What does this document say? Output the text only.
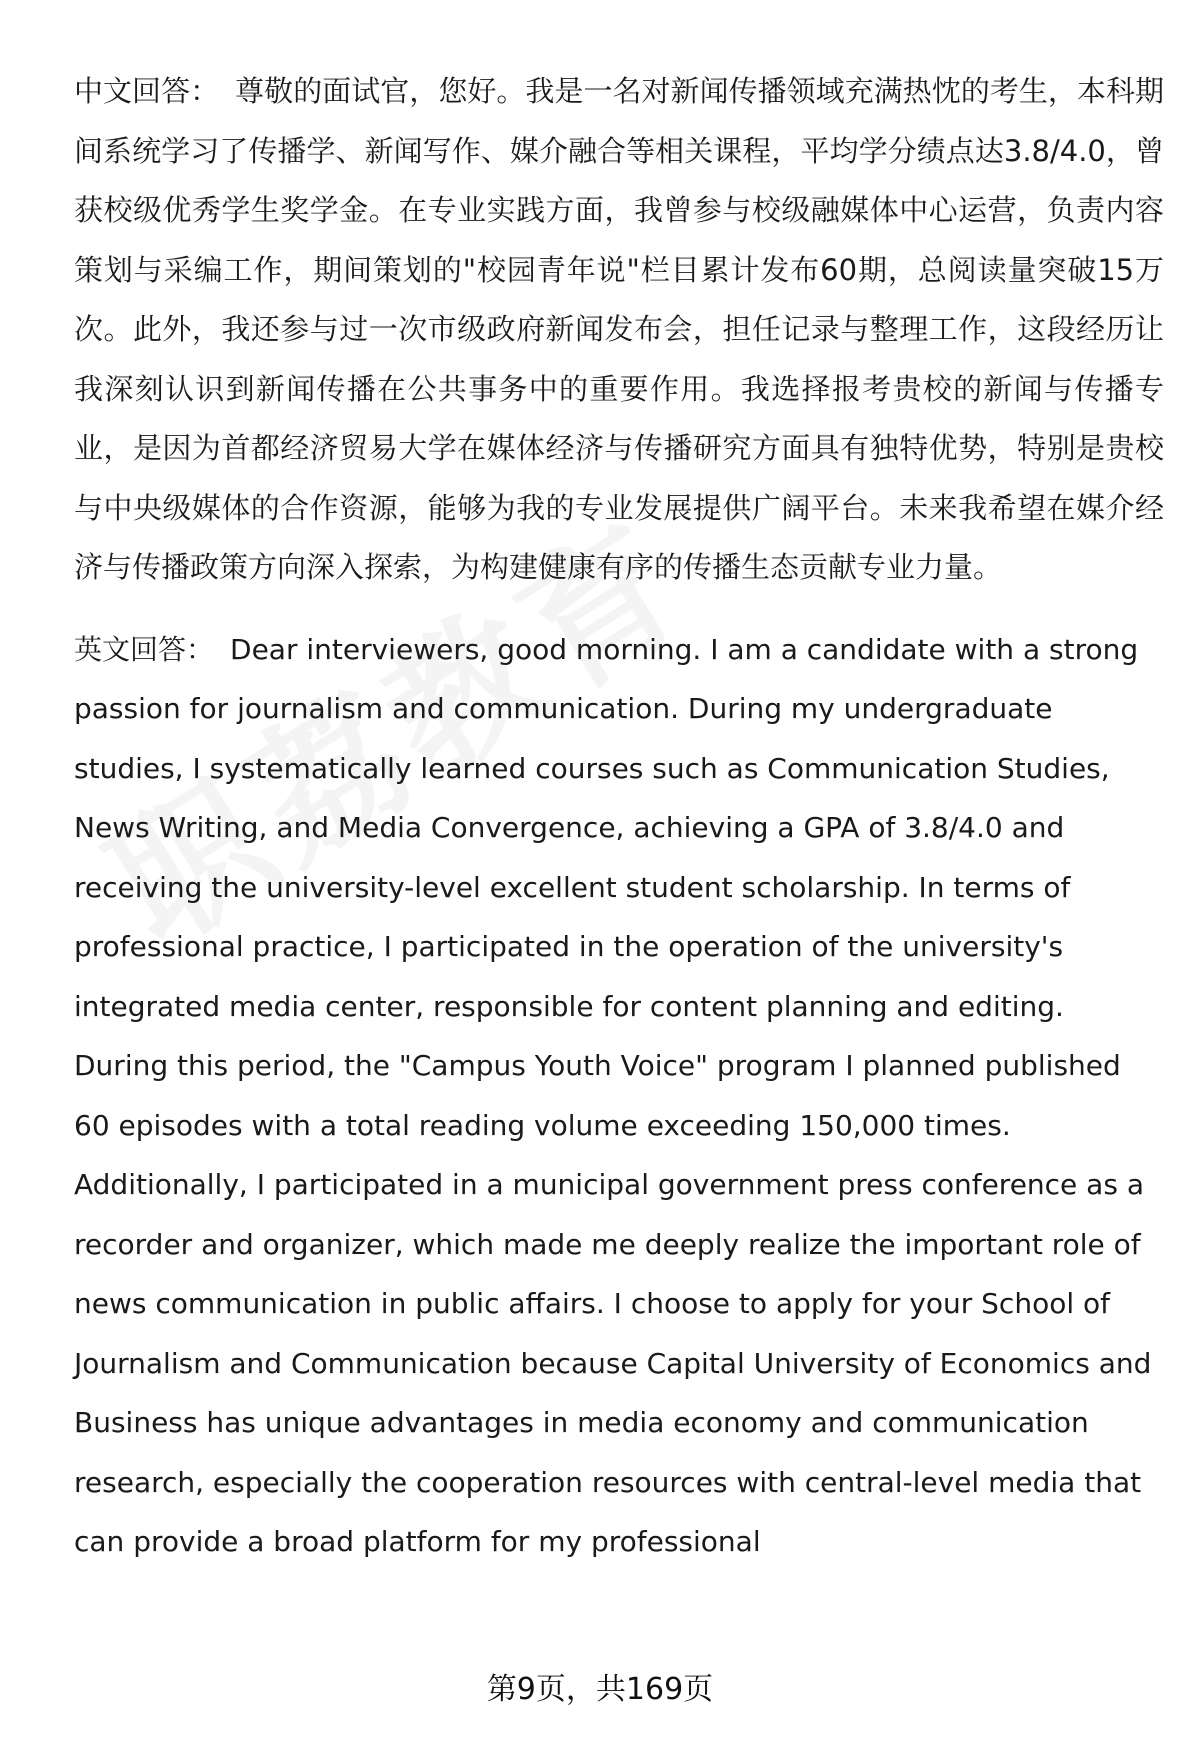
中文回答： 尊敬的面试官，您好。我是一名对新闻传播领域充满热忱的考生，本科期间系统学习了传播学、新闻写作、媒介融合等相关课程，平均学分绩点达3.8/4.0，曾获校级优秀学生奖学金。在专业实践方面，我曾参与校级融媒体中心运营，负责内容策划与采编工作，期间策划的"校园青年说"栏目累计发布60期，总阅读量突破15万次。此外，我还参与过一次市级政府新闻发布会，担任记录与整理工作，这段经历让我深刻认识到新闻传播在公共事务中的重要作用。我选择报考贵校的新闻与传播专业，是因为首都经济贸易大学在媒体经济与传播研究方面具有独特优势，特别是贵校与中央级媒体的合作资源，能够为我的专业发展提供广阔平台。未来我希望在媒介经济与传播政策方向深入探索，为构建健康有序的传播生态贡献专业力量。

英文回答： Dear interviewers, good morning. I am a candidate with a strong passion for journalism and communication. During my undergraduate studies, I systematically learned courses such as Communication Studies, News Writing, and Media Convergence, achieving a GPA of 3.8/4.0 and receiving the university-level excellent student scholarship. In terms of professional practice, I participated in the operation of the university's integrated media center, responsible for content planning and editing. During this period, the "Campus Youth Voice" program I planned published 60 episodes with a total reading volume exceeding 150,000 times. Additionally, I participated in a municipal government press conference as a recorder and organizer, which made me deeply realize the important role of news communication in public affairs. I choose to apply for your School of Journalism and Communication because Capital University of Economics and Business has unique advantages in media economy and communication research, especially the cooperation resources with central-level media that can provide a broad platform for my professional

第9页，共169页
